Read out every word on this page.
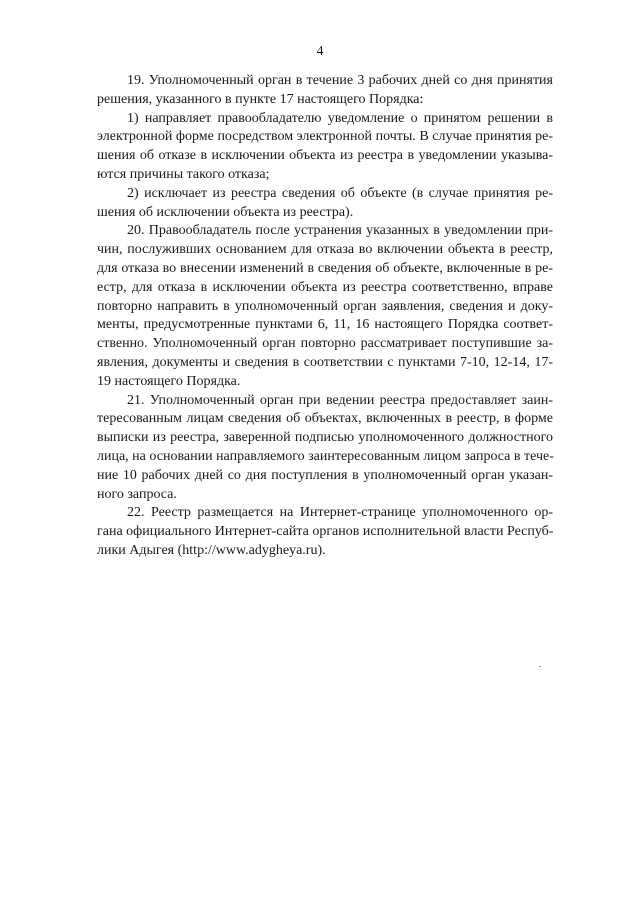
4
19. Уполномоченный орган в течение 3 рабочих дней со дня принятия
решения, указанного в пункте 17 настоящего Порядка:
1) направляет правообладателю уведомление о принятом решении в
электронной форме посредством электронной почты. В случае принятия ре-
шения об отказе в исключении объекта из реестра в уведомлении указыва-
ются причины такого отказа;
2) исключает из реестра сведения об объекте (в случае принятия ре-
шения об исключении объекта из реестра).
20. Правообладатель после устранения указанных в уведомлении при-
чин, послуживших основанием для отказа во включении объекта в реестр,
для отказа во внесении изменений в сведения об объекте, включенные в ре-
естр, для отказа в исключении объекта из реестра соответственно, вправе
повторно направить в уполномоченный орган заявления, сведения и доку-
менты, предусмотренные пунктами 6, 11, 16 настоящего Порядка соответ-
ственно. Уполномоченный орган повторно рассматривает поступившие за-
явления, документы и сведения в соответствии с пунктами 7-10, 12-14, 17-
19 настоящего Порядка.
21. Уполномоченный орган при ведении реестра предоставляет заин-
тересованным лицам сведения об объектах, включенных в реестр, в форме
выписки из реестра, заверенной подписью уполномоченного должностного
лица, на основании направляемого заинтересованным лицом запроса в тече-
ние 10 рабочих дней со дня поступления в уполномоченный орган указан-
ного запроса.
22. Реестр размещается на Интернет-странице уполномоченного ор-
гана официального Интернет-сайта органов исполнительной власти Респуб-
лики Адыгея (http://www.adygheya.ru).
